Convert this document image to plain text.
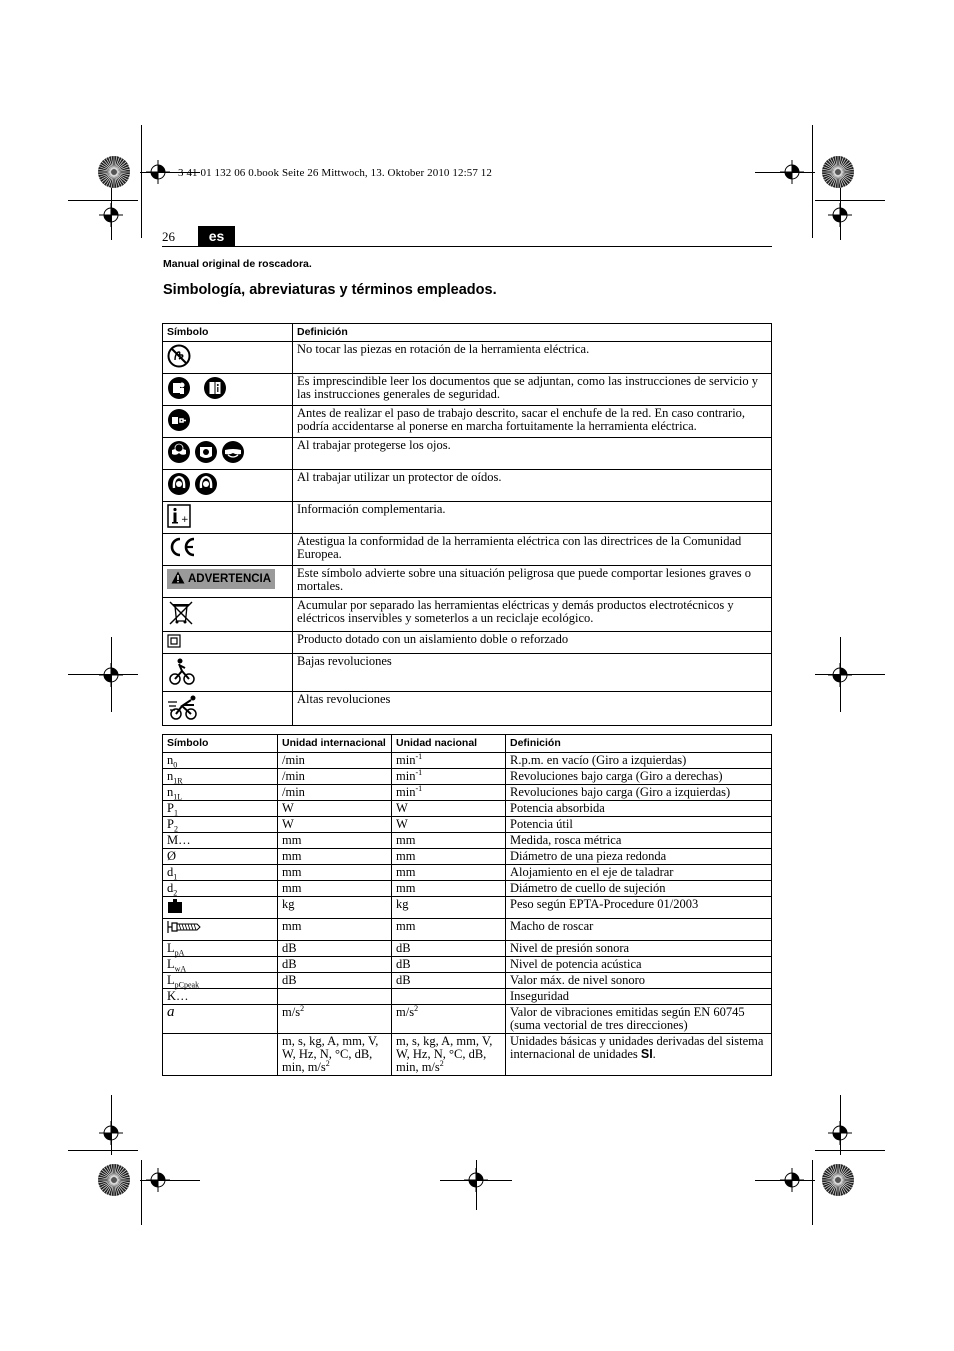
3 41 01 132 06 0.book Seite 26 Mittwoch, 13. Oktober 2010 12:57 12
26	es
Manual original de roscadora.
Simbología, abreviaturas y términos empleados.
Símbolo	Definición
	No tocar las piezas en rotación de la herramienta eléctrica.
	Es imprescindible leer los documentos que se adjuntan, como las instrucciones de servicio y las instrucciones generales de seguridad.
	Antes de realizar el paso de trabajo descrito, sacar el enchufe de la red. En caso contrario, podría accidentarse al ponerse en marcha fortuitamente la herramienta eléctrica.
	Al trabajar protegerse los ojos.
	Al trabajar utilizar un protector de oídos.

+	Información complementaria.
	Atestigua la conformidad de la herramienta eléctrica con las directrices de la Comunidad Europea.

ADVERTENCIA	Este símbolo advierte sobre una situación peligrosa que puede comportar lesiones graves o mortales.
	Acumular por separado las herramientas eléctricas y demás productos electrotécnicos y eléctricos inservibles y someterlos a un reciclaje ecológico.
	Producto dotado con un aislamiento doble o reforzado
	Bajas revoluciones
	Altas revoluciones
Símbolo	Unidad internacional	Unidad nacional	Definición
$n_0$	/min	$\min^{-1}$	R.p.m. en vacío (Giro a izquierdas)
$n_{1R}$	/min	$\min^{-1}$	Revoluciones bajo carga (Giro a derechas)
$n_{1L}$	/min	$\min^{-1}$	Revoluciones bajo carga (Giro a izquierdas)
$P_1$	W	W	Potencia absorbida
$P_2$	W	W	Potencia útil
M…	mm	mm	Medida, rosca métrica
Ø	mm	mm	Diámetro de una pieza redonda
$d_1$	mm	mm	Alojamiento en el eje de taladrar
$d_2$	mm	mm	Diámetro de cuello de sujeción
	kg	kg	Peso según EPTA-Procedure 01/2003
	mm	mm	Macho de roscar
$L_{pA}$	dB	dB	Nivel de presión sonora
$L_{wA}$	dB	dB	Nivel de potencia acústica
$L_{pCpeak}$	dB	dB	Valor máx. de nivel sonoro
K…			Inseguridad
a	$m/s^2$	$m/s^2$	Valor de vibraciones emitidas según EN 60745 (suma vectorial de tres direcciones)
	m, s, kg, A, mm, V, W, Hz, N, °C, dB, min, $m/s^2$	m, s, kg, A, mm, V, W, Hz, N, °C, dB, min, $m/s^2$	Unidades básicas y unidades derivadas del sistema internacional de unidades SI.
